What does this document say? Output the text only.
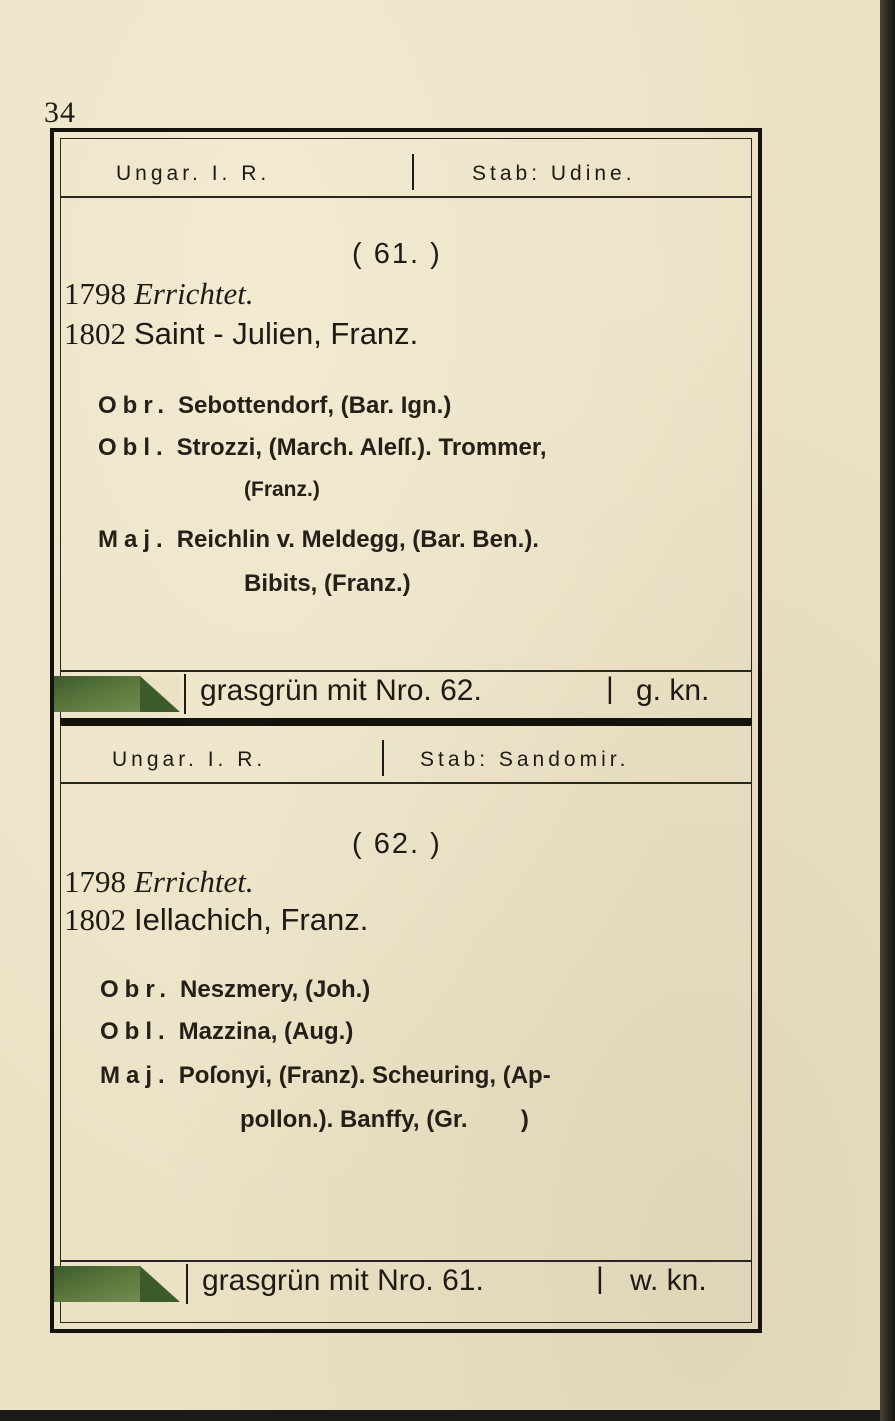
34
Ungar. I. R.	Stab: Udine.
( 61. )
1798 Errichtet.
1802 Saint - Julien, Franz.
Obr. Sebottendorf, (Bar. Ign.)
Obl. Strozzi, (March. Aleſſ.). Trommer,
(Franz.)
Maj. Reichlin v. Meldegg, (Bar. Ben.).
Bibits, (Franz.)
grasgrün mit Nro. 62.	| g. kn.
Ungar. I. R.	Stab: Sandomir.
( 62. )
1798 Errichtet.
1802 Iellachich, Franz.
Obr. Neszmery, (Joh.)
Obl. Mazzina, (Aug.)
Maj. Poſonyi, (Franz). Scheuring, (Ap-
pollon.). Banffy, (Gr.        )
grasgrün mit Nro. 61.	| w. kn.
